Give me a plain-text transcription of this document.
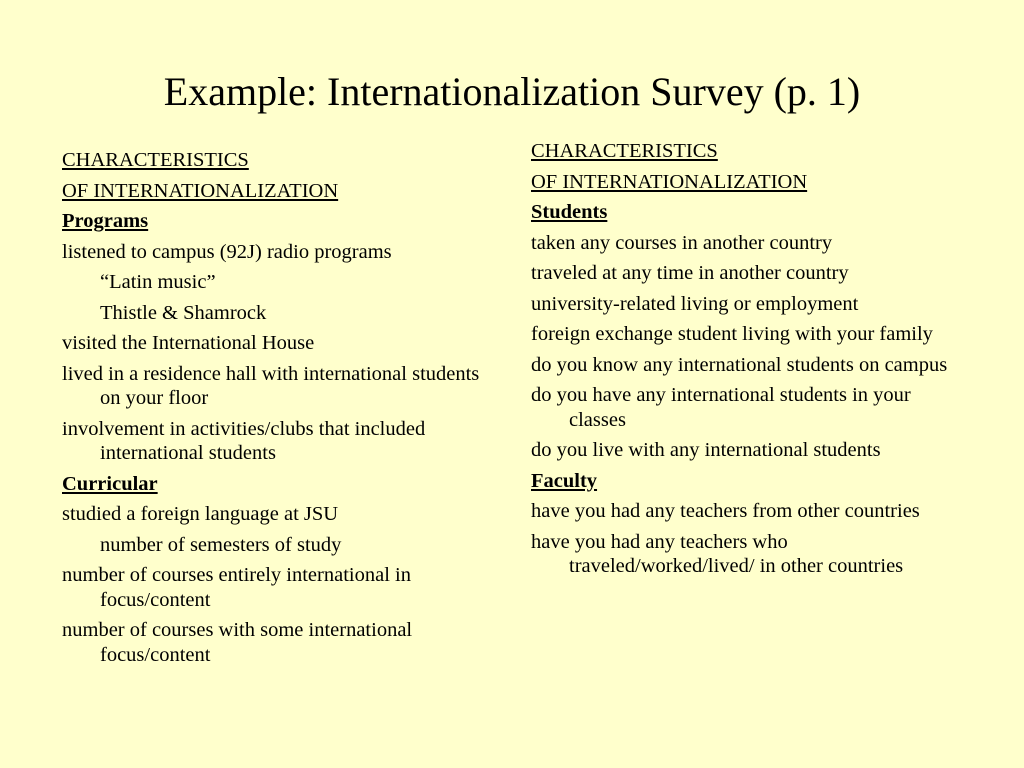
Example: Internationalization Survey (p. 1)
CHARACTERISTICS
OF INTERNATIONALIZATION
Programs
listened to campus (92J) radio programs
“Latin music”
Thistle & Shamrock
visited the International House
lived in a residence hall with international students on your floor
involvement in activities/clubs that included international students
Curricular
studied a foreign language at JSU
number of semesters of study
number of courses entirely international in focus/content
number of courses with some international focus/content
CHARACTERISTICS
OF INTERNATIONALIZATION
Students
taken any courses in another country
traveled at any time in another country
university-related living or employment
foreign exchange student living with your family
do you know any international students on campus
do you have any international students in your classes
do you live with any international students
Faculty
have you had any teachers from other countries
have you had any teachers who traveled/worked/lived/ in other countries
